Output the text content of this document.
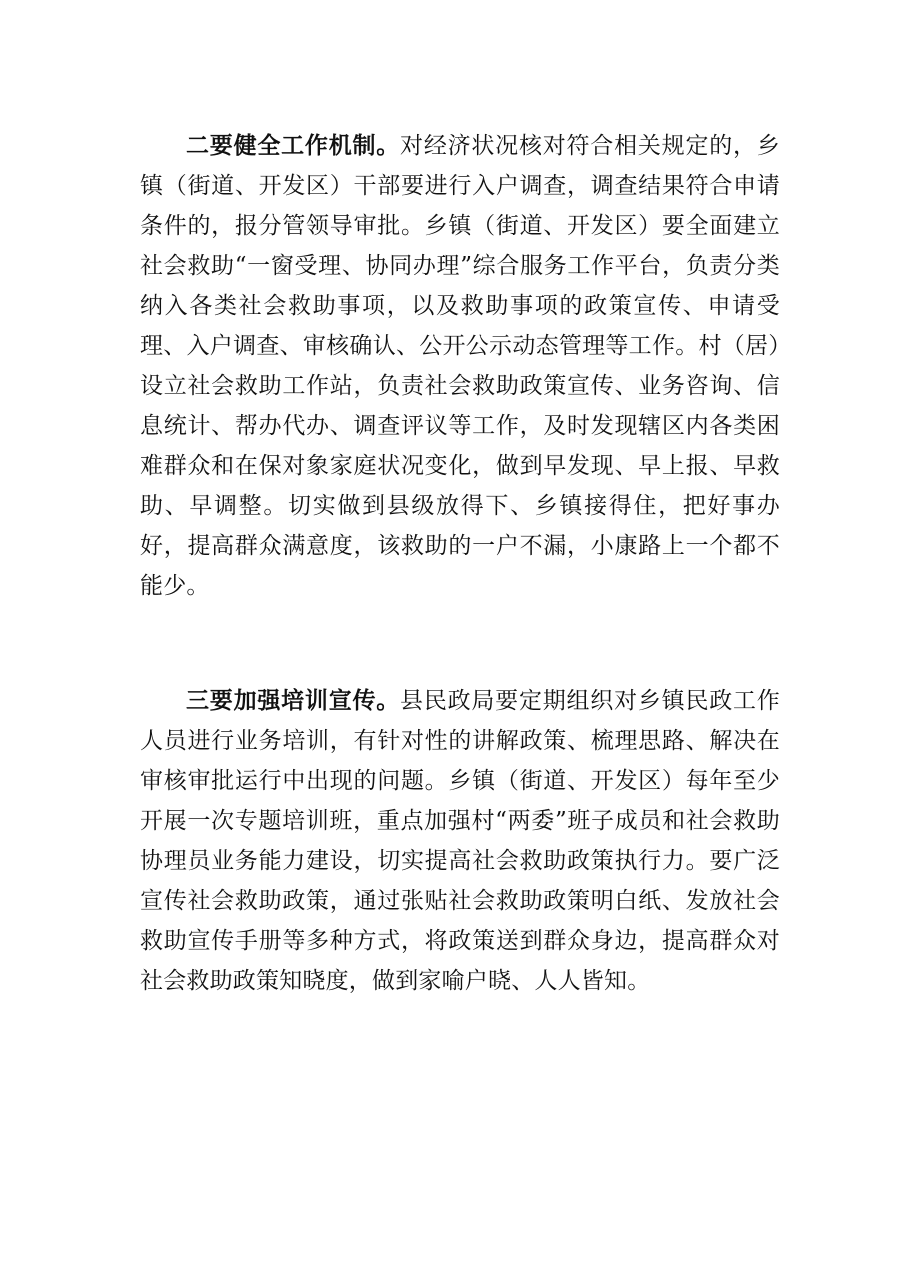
二要健全工作机制。对经济状况核对符合相关规定的，乡镇（街道、开发区）干部要进行入户调查，调查结果符合申请条件的，报分管领导审批。乡镇（街道、开发区）要全面建立社会救助“一窗受理、协同办理”综合服务工作平台，负责分类纳入各类社会救助事项，以及救助事项的政策宣传、申请受理、入户调查、审核确认、公开公示动态管理等工作。村（居）设立社会救助工作站，负责社会救助政策宣传、业务咨询、信息统计、帮办代办、调查评议等工作，及时发现辖区内各类困难群众和在保对象家庭状况变化，做到早发现、早上报、早救助、早调整。切实做到县级放得下、乡镇接得住，把好事办好，提高群众满意度，该救助的一户不漏，小康路上一个都不能少。

三要加强培训宣传。县民政局要定期组织对乡镇民政工作人员进行业务培训，有针对性的讲解政策、梳理思路、解决在审核审批运行中出现的问题。乡镇（街道、开发区）每年至少开展一次专题培训班，重点加强村“两委”班子成员和社会救助协理员业务能力建设，切实提高社会救助政策执行力。要广泛宣传社会救助政策，通过张贴社会救助政策明白纸、发放社会救助宣传手册等多种方式，将政策送到群众身边，提高群众对社会救助政策知晓度，做到家喻户晓、人人皆知。
